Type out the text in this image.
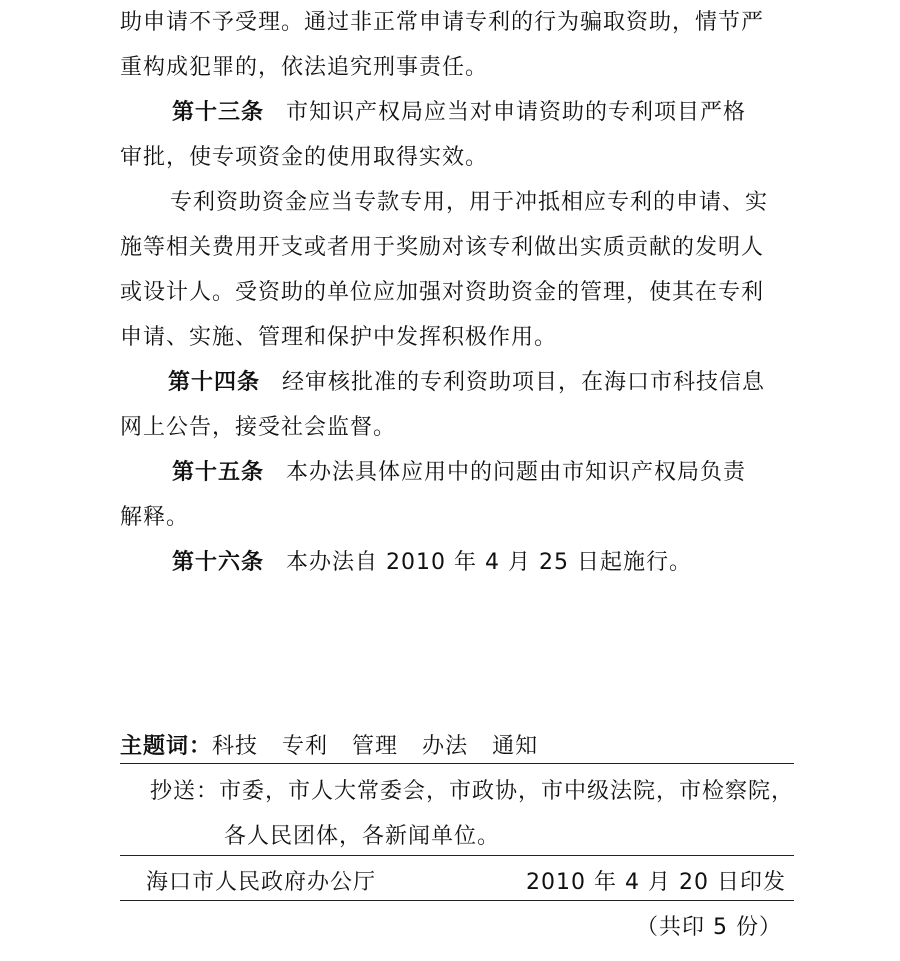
助申请不予受理。通过非正常申请专利的行为骗取资助，情节严
重构成犯罪的，依法追究刑事责任。
第十三条 市知识产权局应当对申请资助的专利项目严格
审批，使专项资金的使用取得实效。
专利资助资金应当专款专用，用于冲抵相应专利的申请、实
施等相关费用开支或者用于奖励对该专利做出实质贡献的发明人
或设计人。受资助的单位应加强对资助资金的管理，使其在专利
申请、实施、管理和保护中发挥积极作用。
第十四条 经审核批准的专利资助项目，在海口市科技信息
网上公告，接受社会监督。
第十五条 本办法具体应用中的问题由市知识产权局负责
解释。
第十六条 本办法自 2010 年 4 月 25 日起施行。
主题词：科技 专利 管理 办法 通知
抄送：市委，市人大常委会，市政协，市中级法院，市检察院，
各人民团体，各新闻单位。
海口市人民政府办公厅	2010 年 4 月 20 日印发
（共印 5 份）
